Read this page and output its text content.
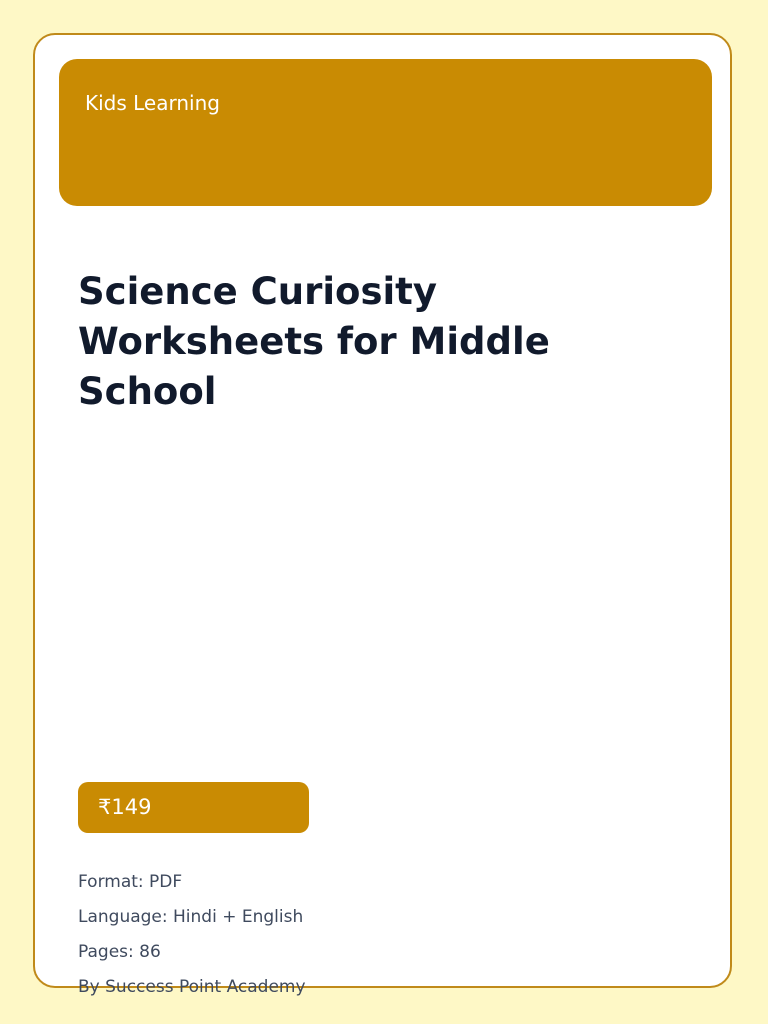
Kids Learning
Science Curiosity Worksheets for Middle School
₹149
Format: PDF
Language: Hindi + English
Pages: 86
By Success Point Academy
